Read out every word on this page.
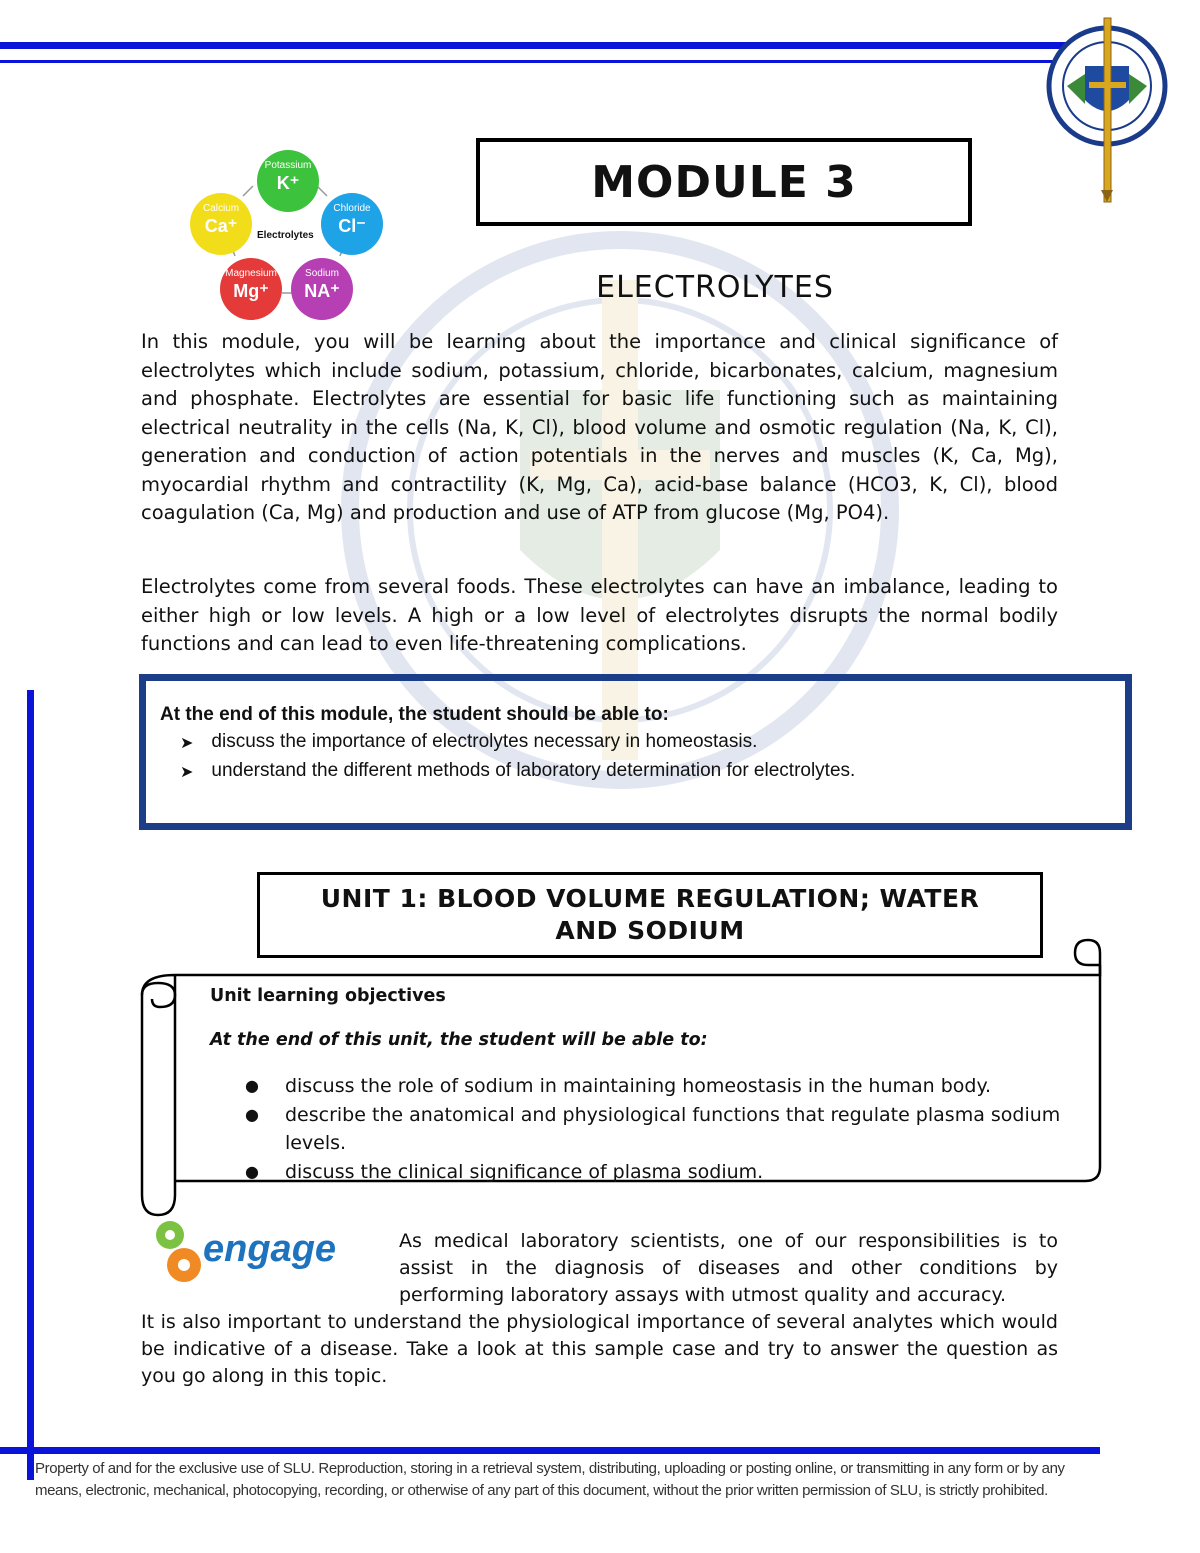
Potassium
K⁺
Chloride
Cl⁻
Sodium
NA⁺
Magnesium
Mg⁺
Calcium
Ca⁺	Electrolytes
MODULE 3
ELECTROLYTES

In this module, you will be learning about the importance and clinical significance of electrolytes which include sodium, potassium, chloride, bicarbonates, calcium, magnesium and phosphate. Electrolytes are essential for basic life functioning such as maintaining electrical neutrality in the cells (Na, K, Cl), blood volume and osmotic regulation (Na, K, Cl), generation and conduction of action potentials in the nerves and muscles (K, Ca, Mg), myocardial rhythm and contractility (K, Mg, Ca), acid-base balance (HCO3, K, Cl), blood coagulation (Ca, Mg) and production and use of ATP from glucose (Mg, PO4).

Electrolytes come from several foods. These electrolytes can have an imbalance, leading to either high or low levels. A high or a low level of electrolytes disrupts the normal bodily functions and can lead to even life-threatening complications.

At the end of this module, the student should be able to:
➤ discuss the importance of electrolytes necessary in homeostasis.
➤ understand the different methods of laboratory determination for electrolytes.
UNIT 1: BLOOD VOLUME REGULATION; WATER
AND SODIUM
Unit learning objectives
At the end of this unit, the student will be able to:
● discuss the role of sodium in maintaining homeostasis in the human body.
● describe the anatomical and physiological functions that regulate plasma sodium levels.
● discuss the clinical significance of plasma sodium.
engage	As medical laboratory scientists, one of our responsibilities is to assist in the diagnosis of diseases and other conditions by performing laboratory assays with utmost quality and accuracy.

It is also important to understand the physiological importance of several analytes which would be indicative of a disease. Take a look at this sample case and try to answer the question as you go along in this topic.

Property of and for the exclusive use of SLU. Reproduction, storing in a retrieval system, distributing, uploading or posting online, or transmitting in any form or by any means, electronic, mechanical, photocopying, recording, or otherwise of any part of this document, without the prior written permission of SLU, is strictly prohibited.
